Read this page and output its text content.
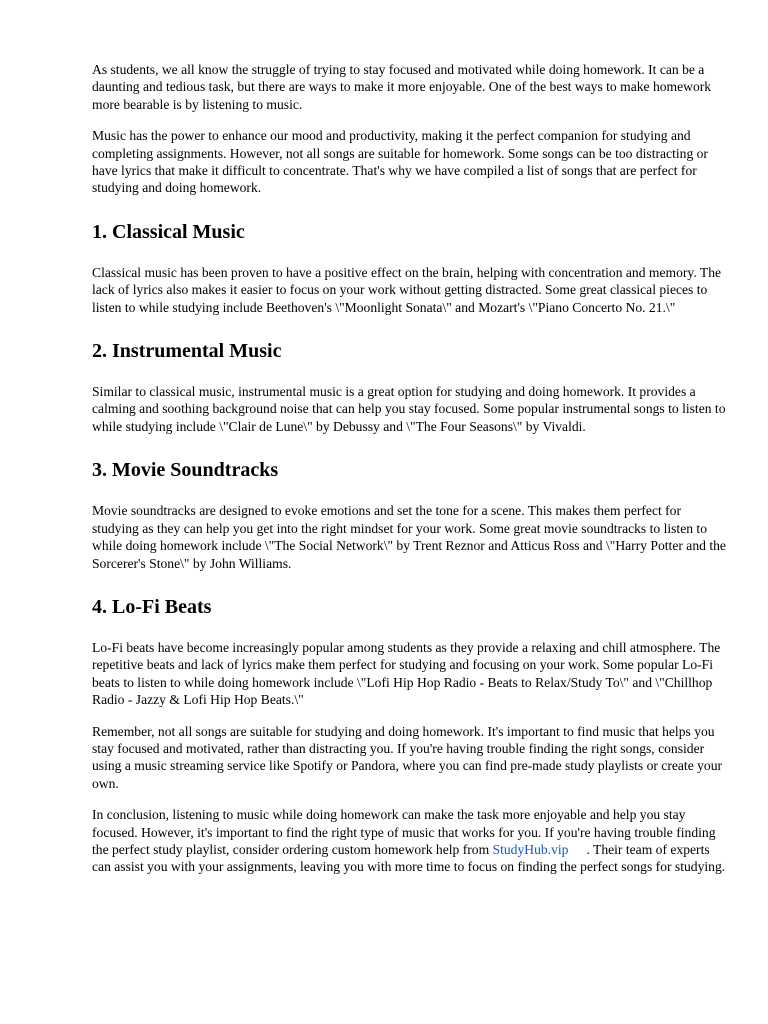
As students, we all know the struggle of trying to stay focused and motivated while doing homework. It can be a daunting and tedious task, but there are ways to make it more enjoyable. One of the best ways to make homework more bearable is by listening to music.

Music has the power to enhance our mood and productivity, making it the perfect companion for studying and completing assignments. However, not all songs are suitable for homework. Some songs can be too distracting or have lyrics that make it difficult to concentrate. That's why we have compiled a list of songs that are perfect for studying and doing homework.

1. Classical Music

Classical music has been proven to have a positive effect on the brain, helping with concentration and memory. The lack of lyrics also makes it easier to focus on your work without getting distracted. Some great classical pieces to listen to while studying include Beethoven's \"Moonlight Sonata\" and Mozart's \"Piano Concerto No. 21.\"

2. Instrumental Music

Similar to classical music, instrumental music is a great option for studying and doing homework. It provides a calming and soothing background noise that can help you stay focused. Some popular instrumental songs to listen to while studying include \"Clair de Lune\" by Debussy and \"The Four Seasons\" by Vivaldi.

3. Movie Soundtracks

Movie soundtracks are designed to evoke emotions and set the tone for a scene. This makes them perfect for studying as they can help you get into the right mindset for your work. Some great movie soundtracks to listen to while doing homework include \"The Social Network\" by Trent Reznor and Atticus Ross and \"Harry Potter and the Sorcerer's Stone\" by John Williams.

4. Lo-Fi Beats

Lo-Fi beats have become increasingly popular among students as they provide a relaxing and chill atmosphere. The repetitive beats and lack of lyrics make them perfect for studying and focusing on your work. Some popular Lo-Fi beats to listen to while doing homework include \"Lofi Hip Hop Radio - Beats to Relax/Study To\" and \"Chillhop Radio - Jazzy & Lofi Hip Hop Beats.\"

Remember, not all songs are suitable for studying and doing homework. It's important to find music that helps you stay focused and motivated, rather than distracting you. If you're having trouble finding the right songs, consider using a music streaming service like Spotify or Pandora, where you can find pre-made study playlists or create your own.

In conclusion, listening to music while doing homework can make the task more enjoyable and help you stay focused. However, it's important to find the right type of music that works for you. If you're having trouble finding the perfect study playlist, consider ordering custom homework help from StudyHub.vip . Their team of experts can assist you with your assignments, leaving you with more time to focus on finding the perfect songs for studying.
